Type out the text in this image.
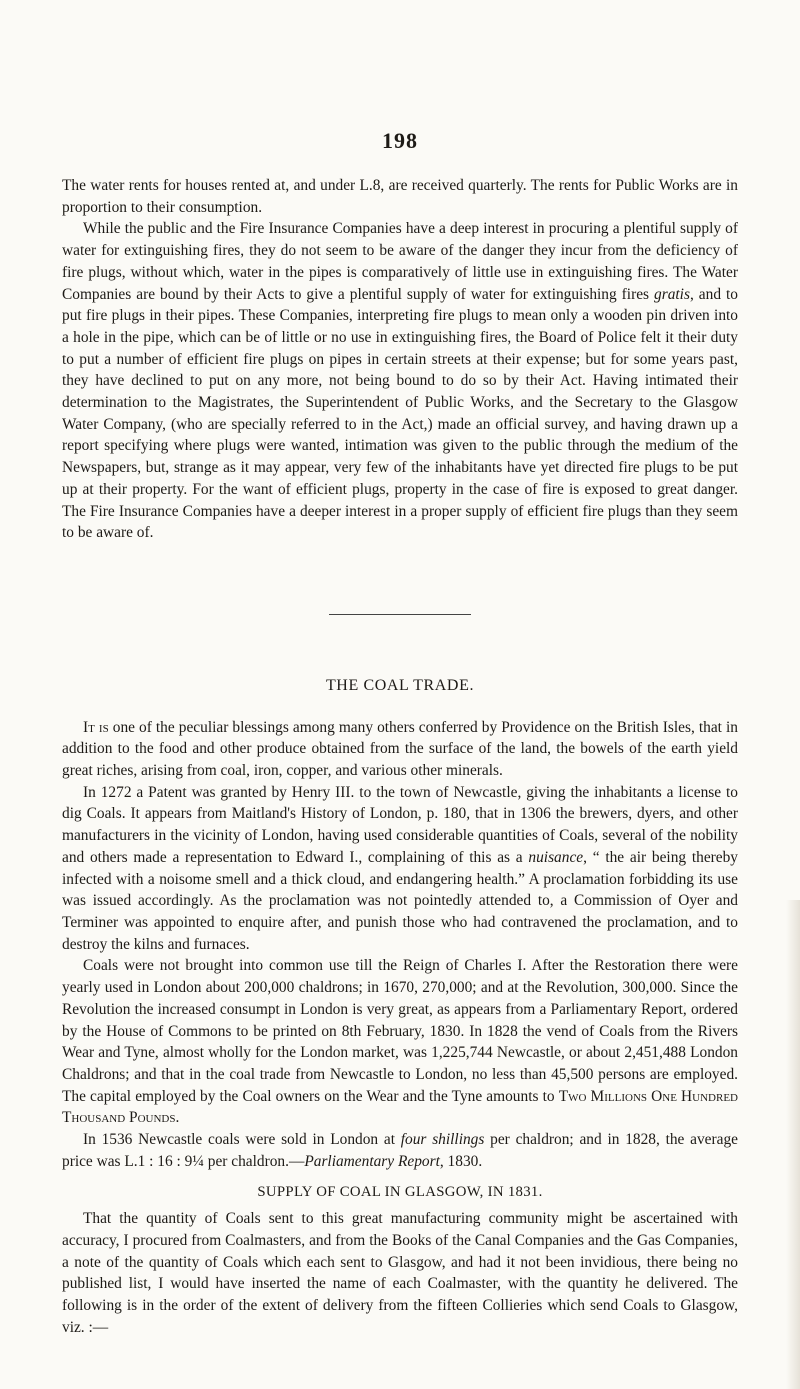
198

The water rents for houses rented at, and under L.8, are received quarterly. The rents for Public Works are in proportion to their consumption.

While the public and the Fire Insurance Companies have a deep interest in procuring a plentiful supply of water for extinguishing fires, they do not seem to be aware of the danger they incur from the deficiency of fire plugs, without which, water in the pipes is comparatively of little use in extinguishing fires. The Water Companies are bound by their Acts to give a plentiful supply of water for extinguishing fires gratis, and to put fire plugs in their pipes. These Companies, interpreting fire plugs to mean only a wooden pin driven into a hole in the pipe, which can be of little or no use in extinguishing fires, the Board of Police felt it their duty to put a number of efficient fire plugs on pipes in certain streets at their expense; but for some years past, they have declined to put on any more, not being bound to do so by their Act. Having intimated their determination to the Magistrates, the Superintendent of Public Works, and the Secretary to the Glasgow Water Company, (who are specially referred to in the Act,) made an official survey, and having drawn up a report specifying where plugs were wanted, intimation was given to the public through the medium of the Newspapers, but, strange as it may appear, very few of the inhabitants have yet directed fire plugs to be put up at their property. For the want of efficient plugs, property in the case of fire is exposed to great danger. The Fire Insurance Companies have a deeper interest in a proper supply of efficient fire plugs than they seem to be aware of.

THE COAL TRADE.

It is one of the peculiar blessings among many others conferred by Providence on the British Isles, that in addition to the food and other produce obtained from the surface of the land, the bowels of the earth yield great riches, arising from coal, iron, copper, and various other minerals.

In 1272 a Patent was granted by Henry III. to the town of Newcastle, giving the inhabitants a license to dig Coals. It appears from Maitland's History of London, p. 180, that in 1306 the brewers, dyers, and other manufacturers in the vicinity of London, having used considerable quantities of Coals, several of the nobility and others made a representation to Edward I., complaining of this as a nuisance, “ the air being thereby infected with a noisome smell and a thick cloud, and endangering health.” A proclamation forbidding its use was issued accordingly. As the proclamation was not pointedly attended to, a Commission of Oyer and Terminer was appointed to enquire after, and punish those who had contravened the proclamation, and to destroy the kilns and furnaces.

Coals were not brought into common use till the Reign of Charles I. After the Restoration there were yearly used in London about 200,000 chaldrons; in 1670, 270,000; and at the Revolution, 300,000. Since the Revolution the increased consumpt in London is very great, as appears from a Parliamentary Report, ordered by the House of Commons to be printed on 8th February, 1830. In 1828 the vend of Coals from the Rivers Wear and Tyne, almost wholly for the London market, was 1,225,744 Newcastle, or about 2,451,488 London Chaldrons; and that in the coal trade from Newcastle to London, no less than 45,500 persons are employed. The capital employed by the Coal owners on the Wear and the Tyne amounts to Two Millions One Hundred Thousand Pounds.

In 1536 Newcastle coals were sold in London at four shillings per chaldron; and in 1828, the average price was L.1 : 16 : 9¼ per chaldron.—Parliamentary Report, 1830.

SUPPLY OF COAL IN GLASGOW, IN 1831.

That the quantity of Coals sent to this great manufacturing community might be ascertained with accuracy, I procured from Coalmasters, and from the Books of the Canal Companies and the Gas Companies, a note of the quantity of Coals which each sent to Glasgow, and had it not been invidious, there being no published list, I would have inserted the name of each Coalmaster, with the quantity he delivered. The following is in the order of the extent of delivery from the fifteen Collieries which send Coals to Glasgow, viz. :—
